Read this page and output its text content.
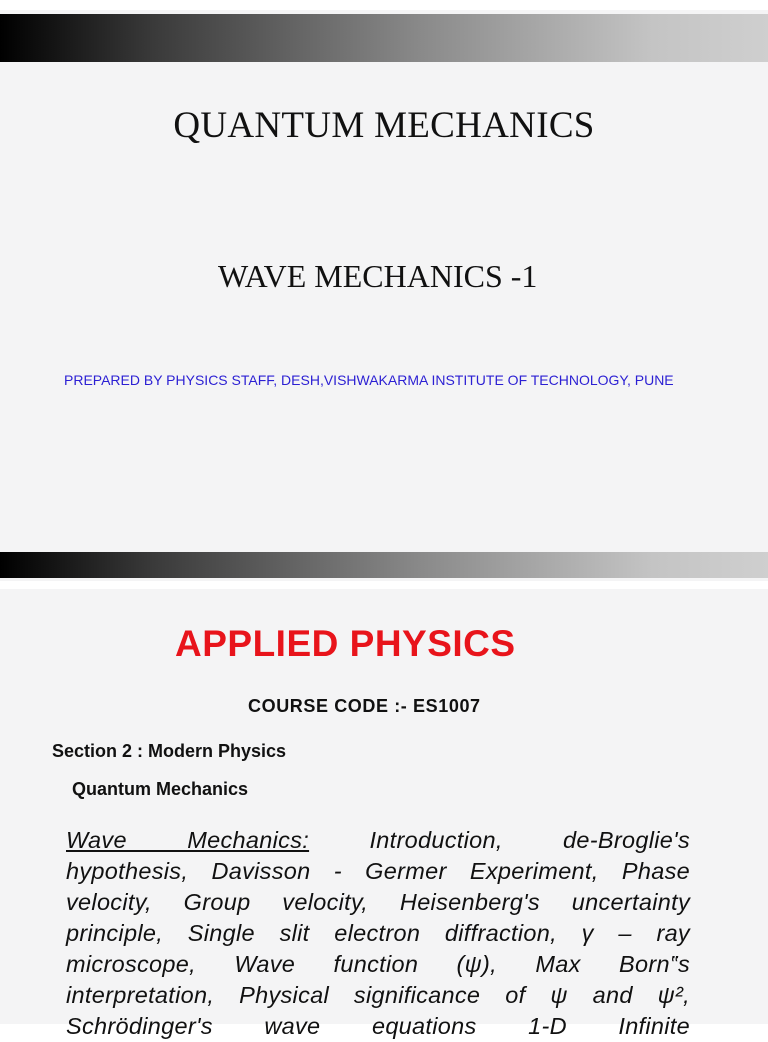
QUANTUM MECHANICS
WAVE MECHANICS -1
PREPARED BY PHYSICS STAFF, DESH,VISHWAKARMA INSTITUTE OF TECHNOLOGY, PUNE
APPLIED PHYSICS
COURSE CODE :- ES1007
Section 2 : Modern Physics
Quantum Mechanics
Wave Mechanics: Introduction, de-Broglie's
hypothesis, Davisson - Germer Experiment, Phase
velocity, Group velocity, Heisenberg's uncertainty
principle, Single slit electron diffraction, γ – ray
microscope, Wave function (ψ), Max Born‟s
interpretation, Physical significance of ψ and ψ²,
Schrödinger's wave equations 1-D Infinite
